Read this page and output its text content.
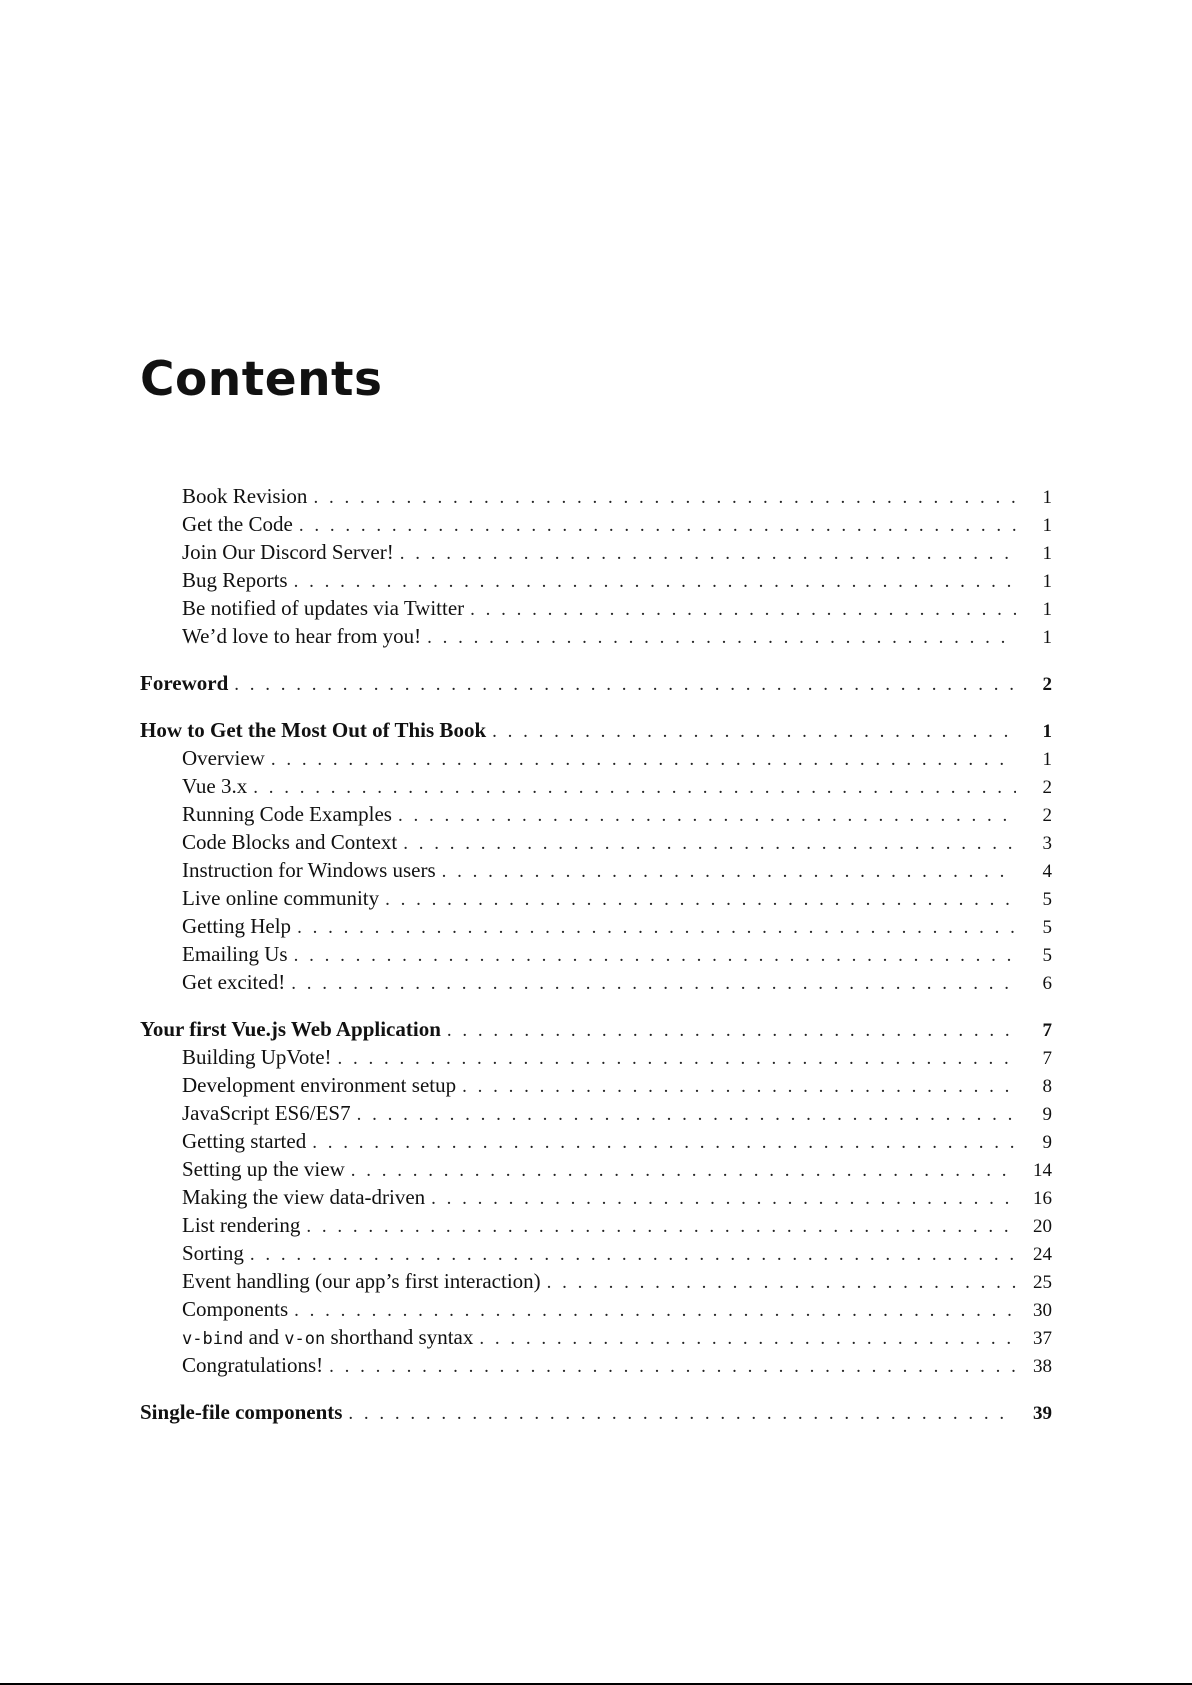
Contents
Book Revision . . .	1
Get the Code . . .	1
Join Our Discord Server! . . .	1
Bug Reports . . .	1
Be notified of updates via Twitter . . .	1
We’d love to hear from you! . . .	1
Foreword . . .	2
How to Get the Most Out of This Book . . .	1
Overview . . .	1
Vue 3.x . . .	2
Running Code Examples . . .	2
Code Blocks and Context . . .	3
Instruction for Windows users . . .	4
Live online community . . .	5
Getting Help . . .	5
Emailing Us . . .	5
Get excited! . . .	6
Your first Vue.js Web Application . . .	7
Building UpVote! . . .	7
Development environment setup . . .	8
JavaScript ES6/ES7 . . .	9
Getting started . . .	9
Setting up the view . . .	14
Making the view data-driven . . .	16
List rendering . . .	20
Sorting . . .	24
Event handling (our app’s first interaction) . . .	25
Components . . .	30
v-bind and v-on shorthand syntax . . .	37
Congratulations! . . .	38
Single-file components . . .	39
